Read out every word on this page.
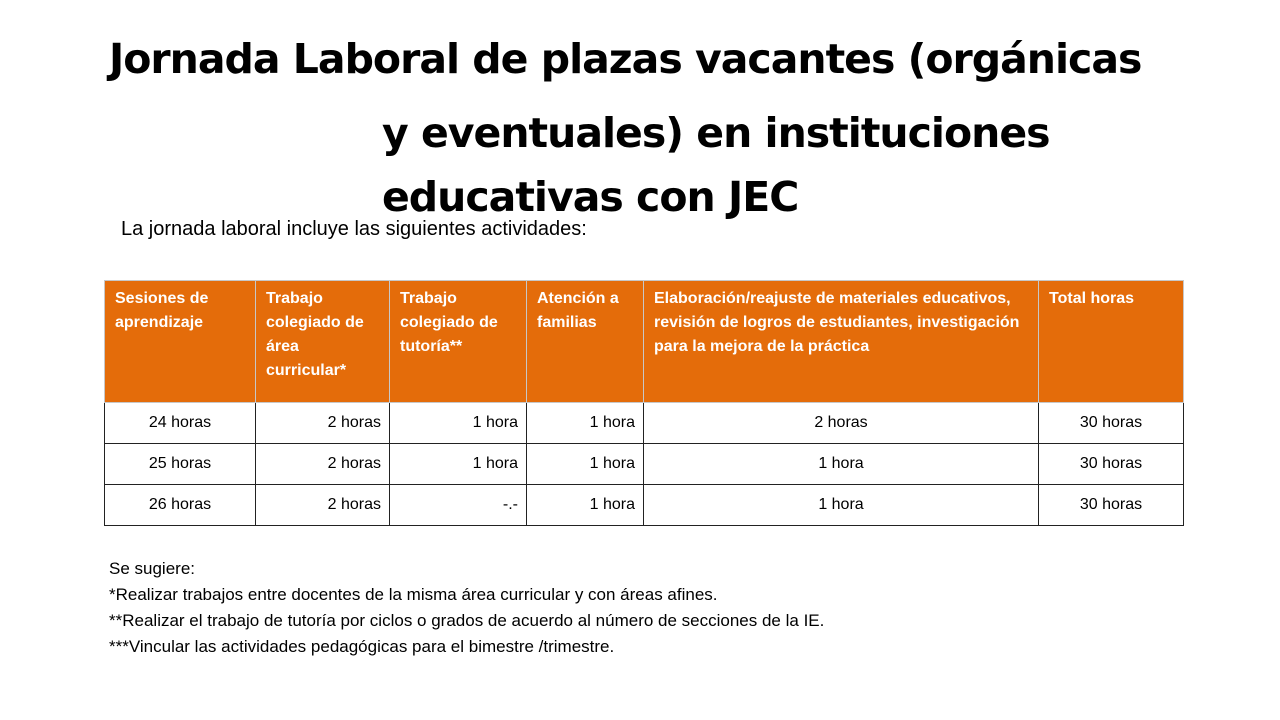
Jornada Laboral de plazas vacantes (orgánicas
y eventuales) en instituciones
educativas con JEC
La jornada laboral incluye las siguientes actividades:
Sesiones de aprendizaje	Trabajo colegiado de área curricular*	Trabajo colegiado de tutoría**	Atención a familias	Elaboración/reajuste de materiales educativos, revisión de logros de estudiantes, investigación para la mejora de la práctica	Total horas
24 horas	2 horas	1 hora	1 hora	2 horas	30 horas
25 horas	2 horas	1 hora	1 hora	1 hora	30 horas
26 horas	2 horas	-.-	1 hora	1 hora	30 horas
Se sugiere:
*Realizar trabajos entre docentes de la misma área curricular y con áreas afines.
**Realizar el trabajo de tutoría por ciclos o grados de acuerdo al número de secciones de la IE.
***Vincular las actividades pedagógicas para el bimestre /trimestre.
